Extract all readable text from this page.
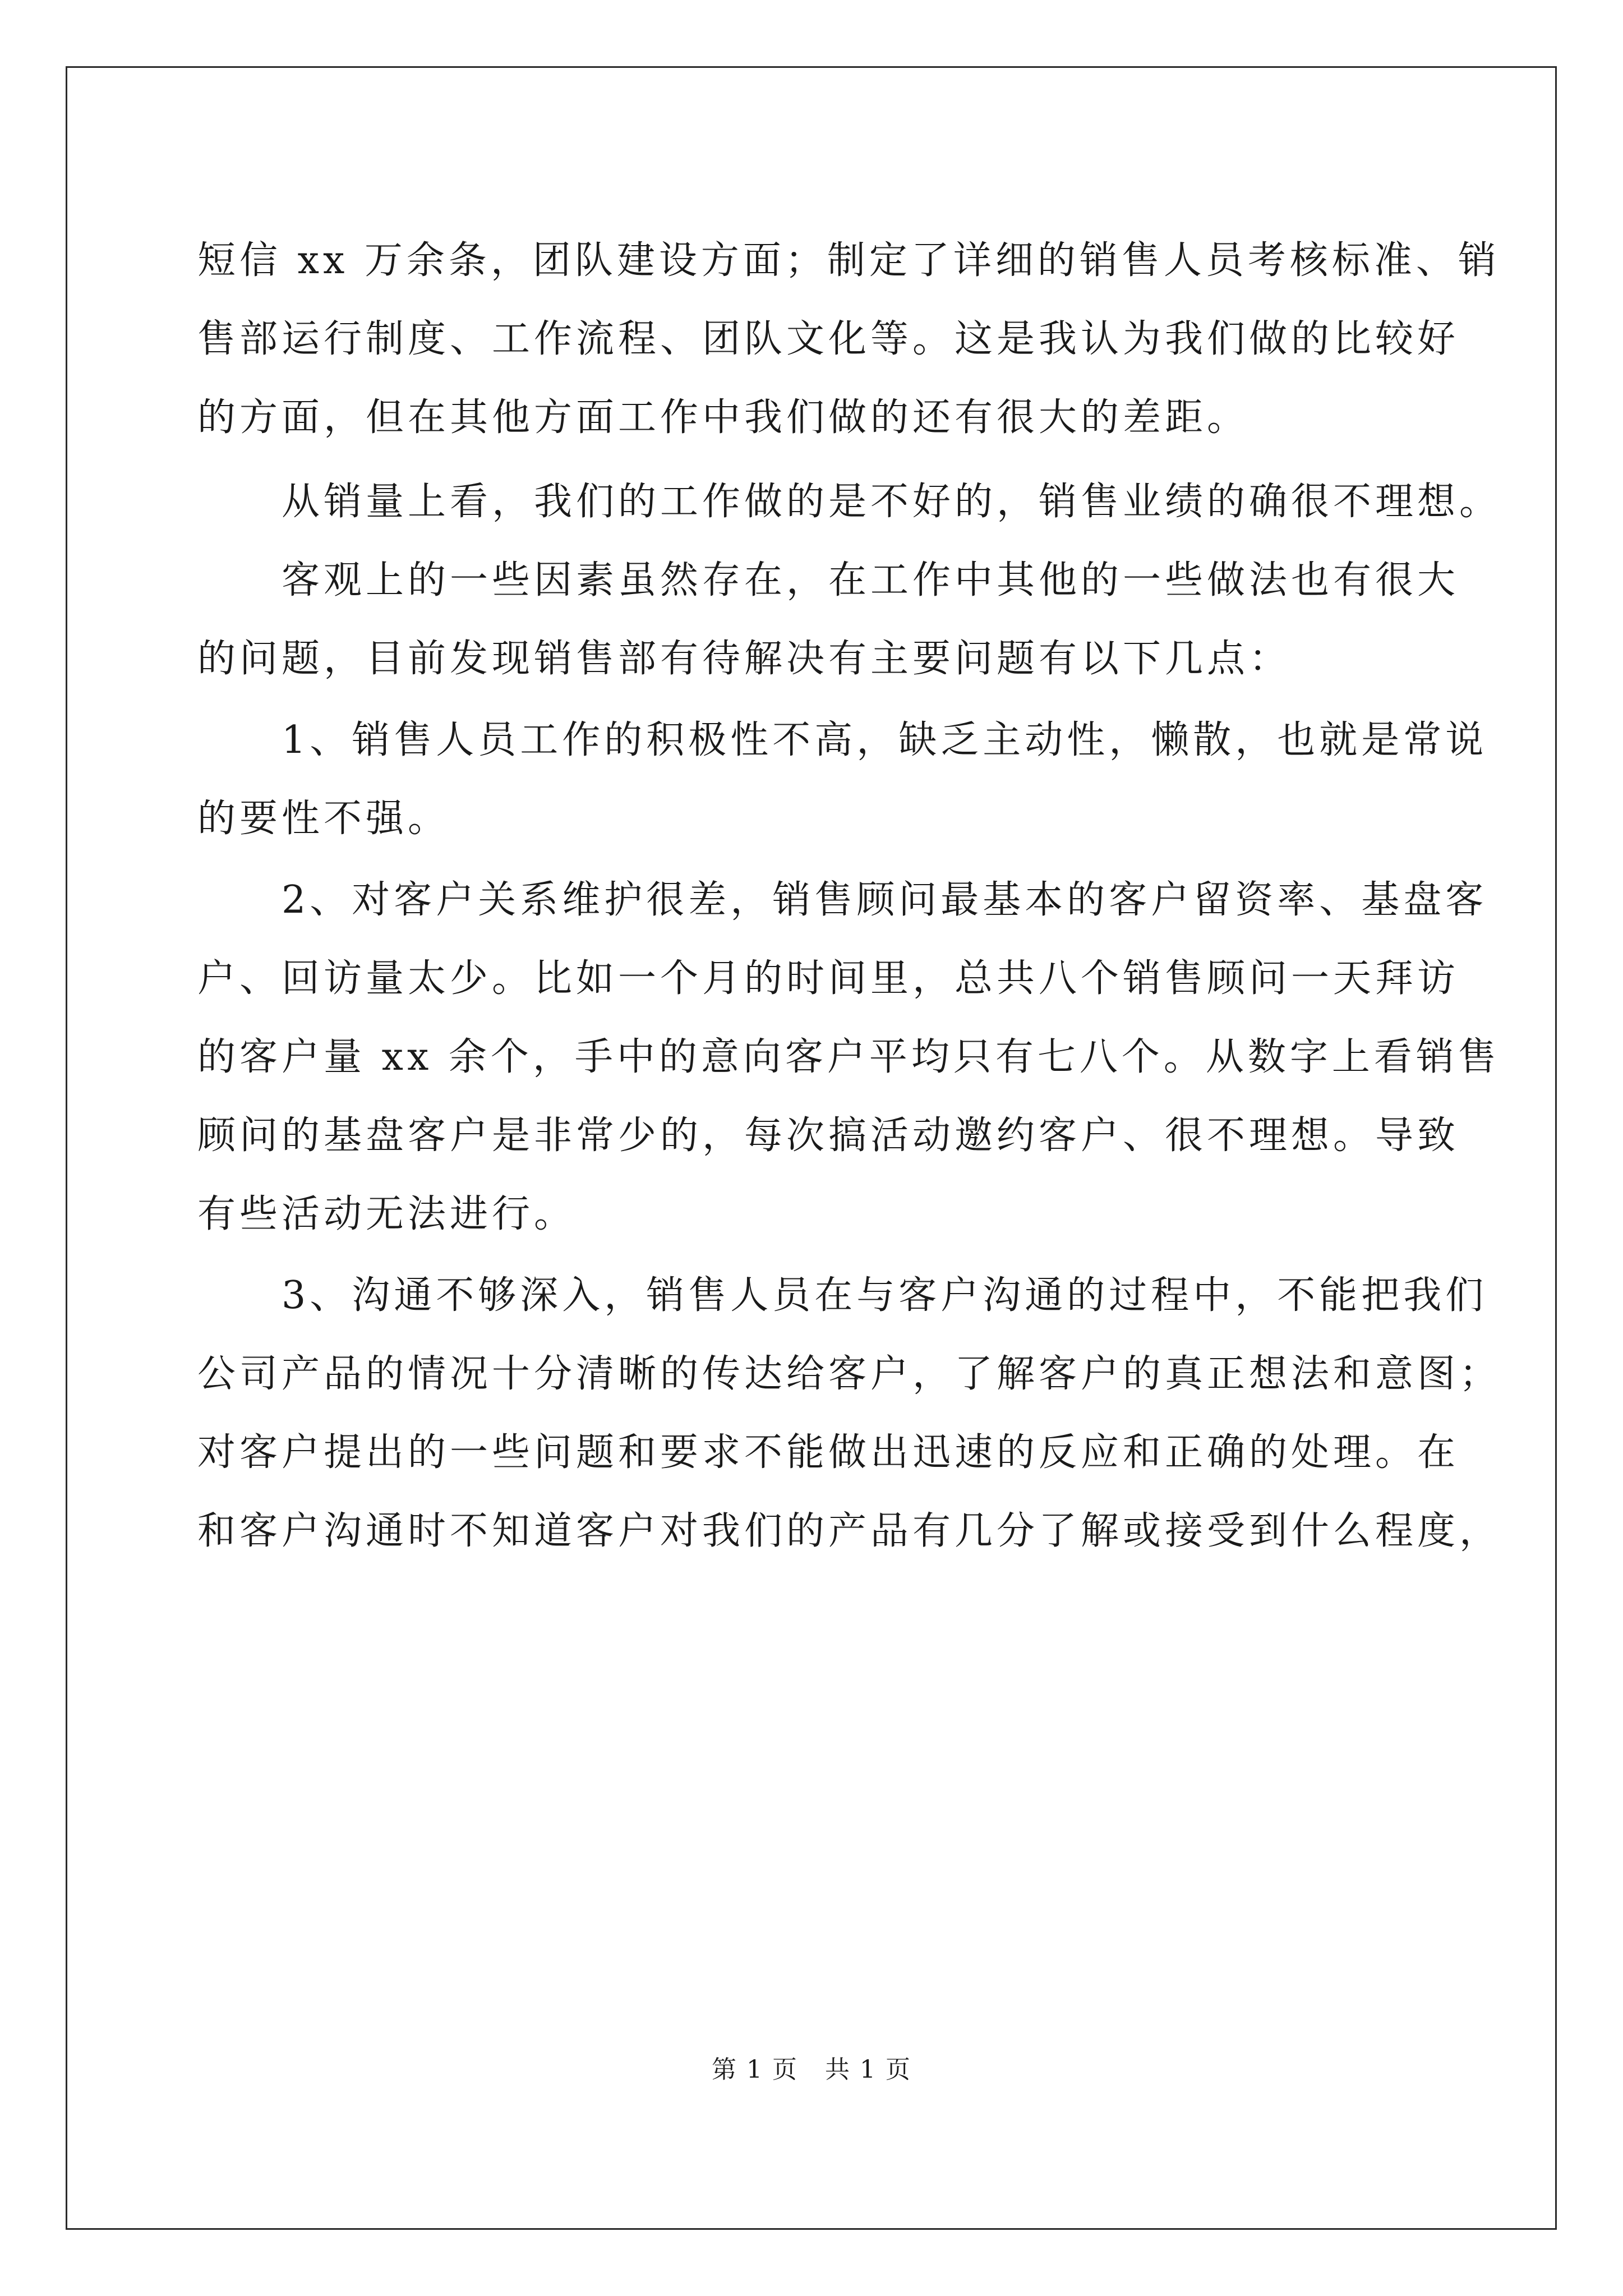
短信 xx 万余条，团队建设方面；制定了详细的销售人员考核标准、销
售部运行制度、工作流程、团队文化等。这是我认为我们做的比较好
的方面，但在其他方面工作中我们做的还有很大的差距。
从销量上看，我们的工作做的是不好的，销售业绩的确很不理想。
客观上的一些因素虽然存在，在工作中其他的一些做法也有很大
的问题，目前发现销售部有待解决有主要问题有以下几点：
1、销售人员工作的积极性不高，缺乏主动性，懒散，也就是常说
的要性不强。
2、对客户关系维护很差，销售顾问最基本的客户留资率、基盘客
户、回访量太少。比如一个月的时间里，总共八个销售顾问一天拜访
的客户量 xx 余个，手中的意向客户平均只有七八个。从数字上看销售
顾问的基盘客户是非常少的，每次搞活动邀约客户、很不理想。导致
有些活动无法进行。
3、沟通不够深入，销售人员在与客户沟通的过程中，不能把我们
公司产品的情况十分清晰的传达给客户，了解客户的真正想法和意图；
对客户提出的一些问题和要求不能做出迅速的反应和正确的处理。在
和客户沟通时不知道客户对我们的产品有几分了解或接受到什么程度，
第 1 页 共 1 页
